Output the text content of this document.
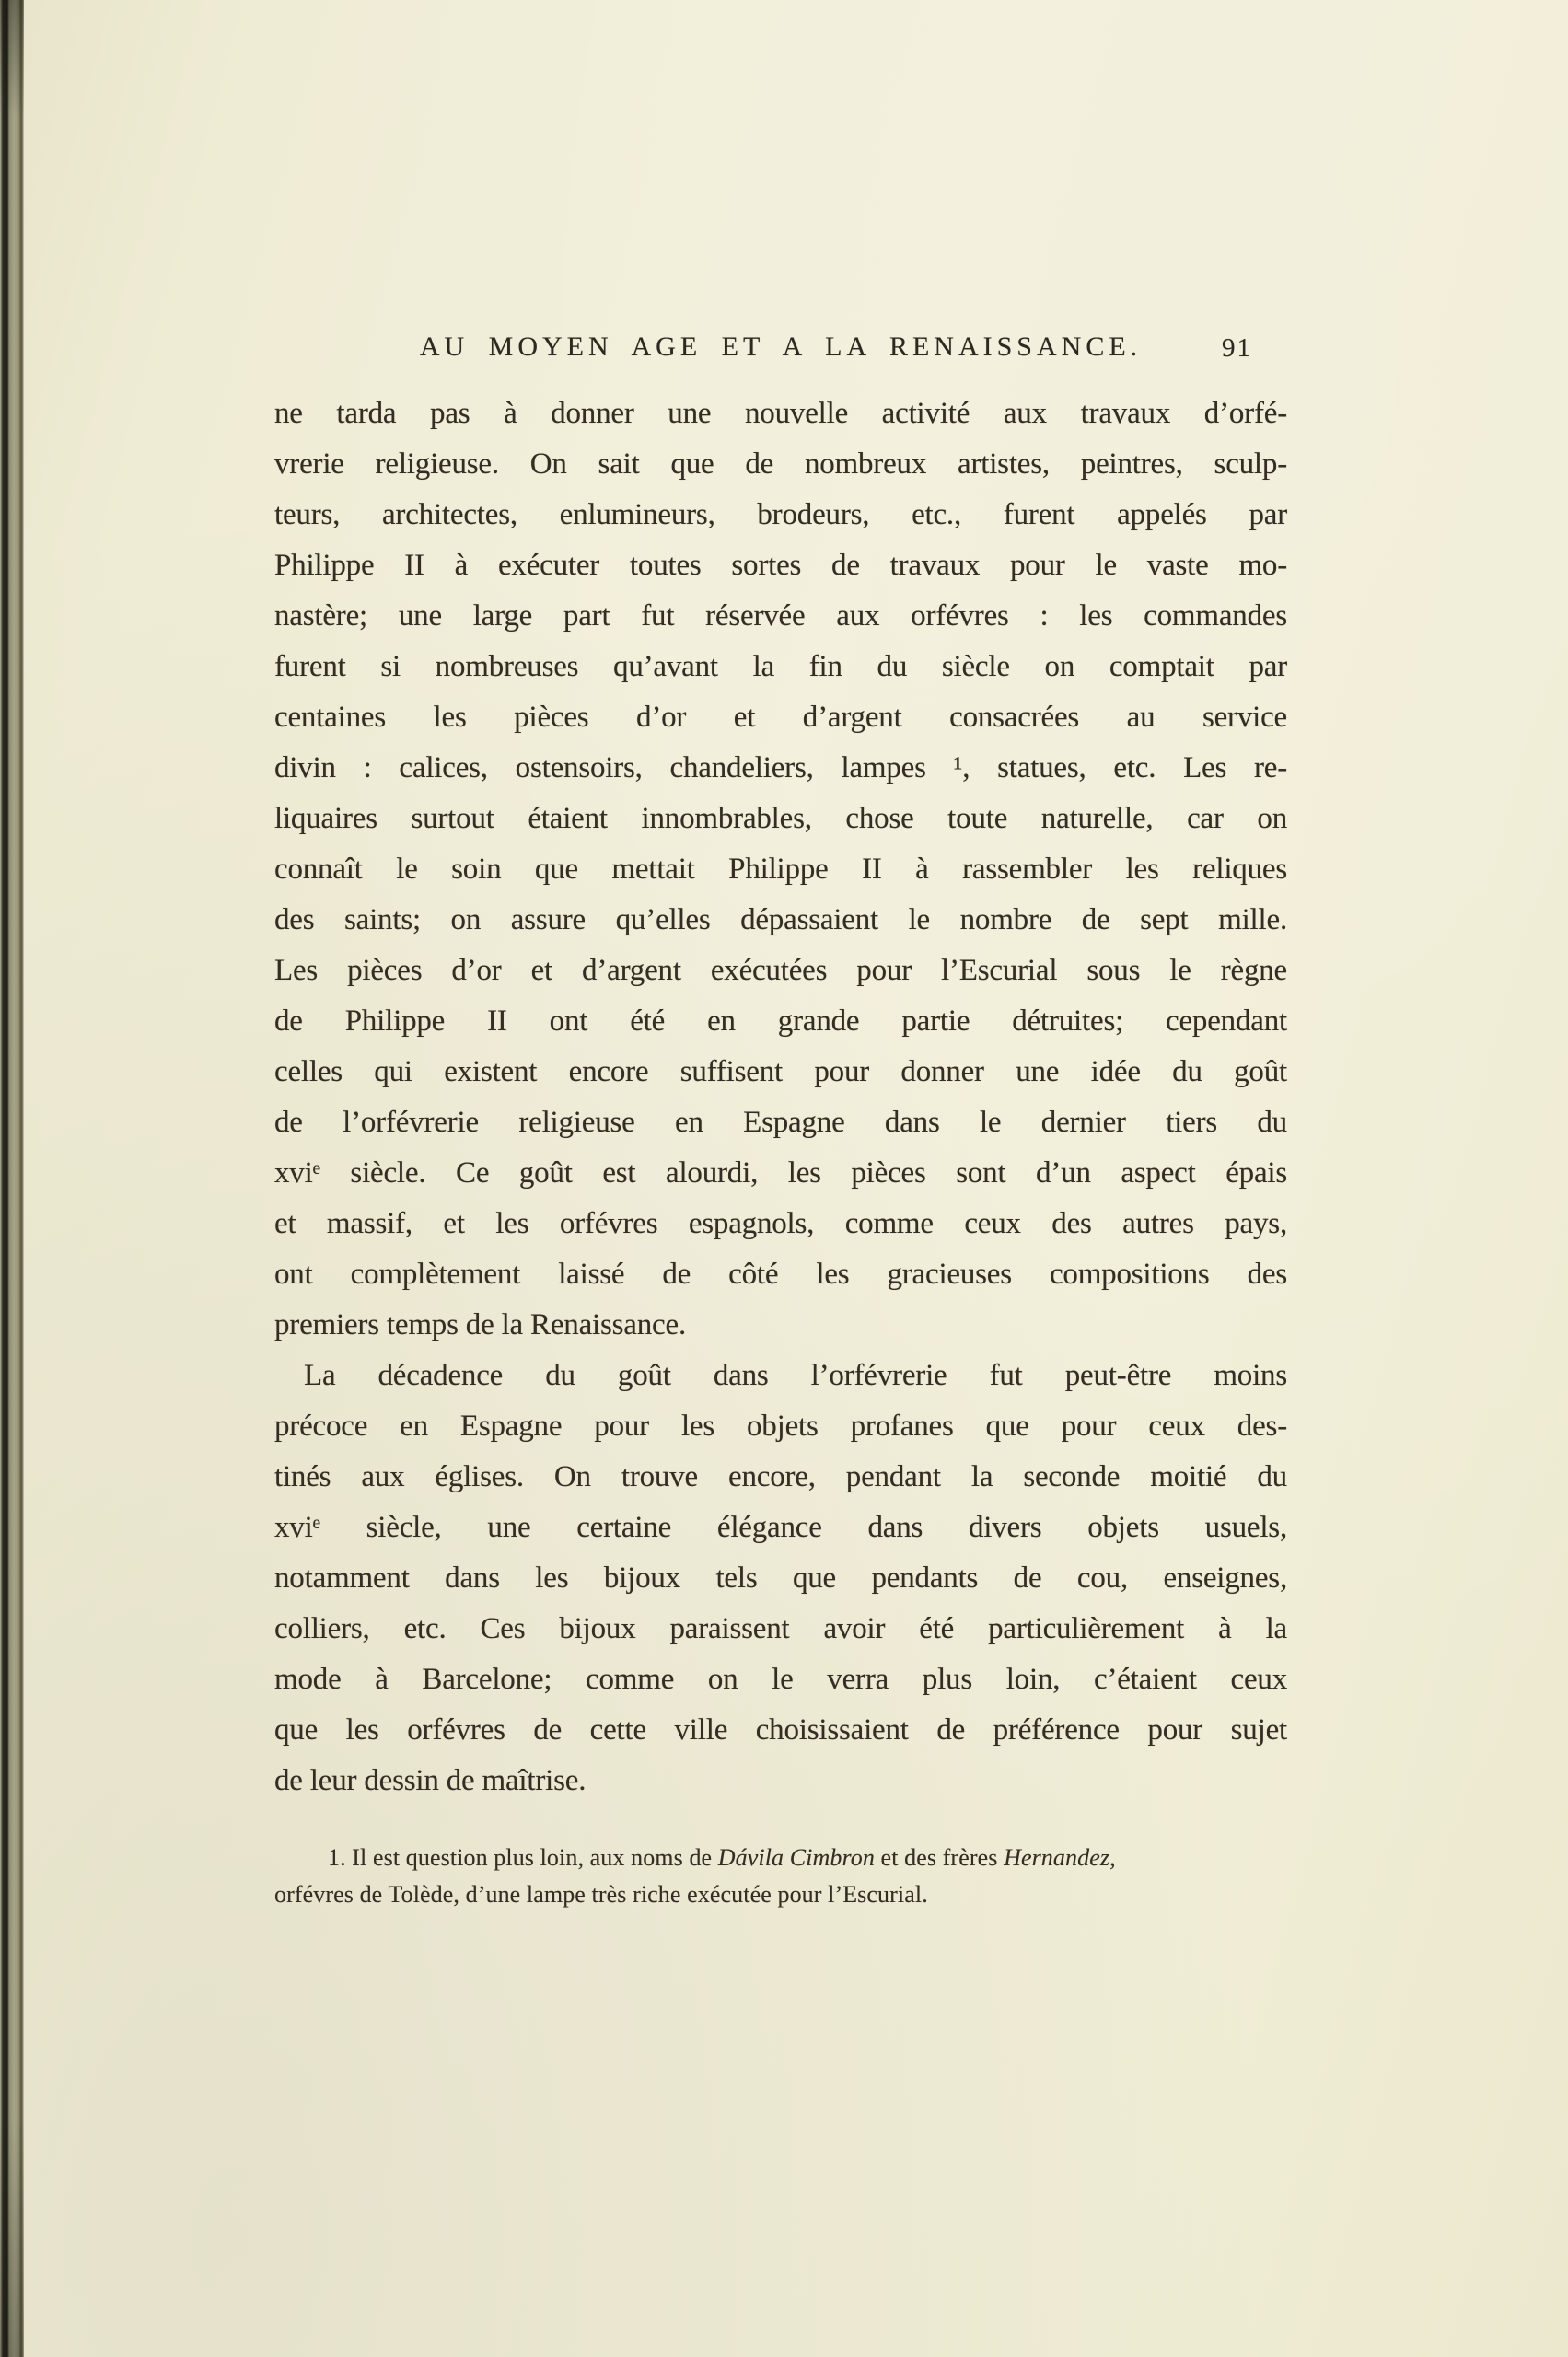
AU MOYEN AGE ET A LA RENAISSANCE.	91
ne tarda pas à donner une nouvelle activité aux travaux d’orfé-
vrerie religieuse. On sait que de nombreux artistes, peintres, sculp-
teurs, architectes, enlumineurs, brodeurs, etc., furent appelés par
Philippe II à exécuter toutes sortes de travaux pour le vaste mo-
nastère; une large part fut réservée aux orfévres : les commandes
furent si nombreuses qu’avant la fin du siècle on comptait par
centaines les pièces d’or et d’argent consacrées au service
divin : calices, ostensoirs, chandeliers, lampes ¹, statues, etc. Les re-
liquaires surtout étaient innombrables, chose toute naturelle, car on
connaît le soin que mettait Philippe II à rassembler les reliques
des saints; on assure qu’elles dépassaient le nombre de sept mille.
Les pièces d’or et d’argent exécutées pour l’Escurial sous le règne
de Philippe II ont été en grande partie détruites; cependant
celles qui existent encore suffisent pour donner une idée du goût
de l’orfévrerie religieuse en Espagne dans le dernier tiers du
xviᵉ siècle. Ce goût est alourdi, les pièces sont d’un aspect épais
et massif, et les orfévres espagnols, comme ceux des autres pays,
ont complètement laissé de côté les gracieuses compositions des
premiers temps de la Renaissance.
La décadence du goût dans l’orfévrerie fut peut-être moins
précoce en Espagne pour les objets profanes que pour ceux des-
tinés aux églises. On trouve encore, pendant la seconde moitié du
xviᵉ siècle, une certaine élégance dans divers objets usuels,
notamment dans les bijoux tels que pendants de cou, enseignes,
colliers, etc. Ces bijoux paraissent avoir été particulièrement à la
mode à Barcelone; comme on le verra plus loin, c’étaient ceux
que les orfévres de cette ville choisissaient de préférence pour sujet
de leur dessin de maîtrise.
1. Il est question plus loin, aux noms de Dávila Cimbron et des frères Hernandez,
orfévres de Tolède, d’une lampe très riche exécutée pour l’Escurial.
